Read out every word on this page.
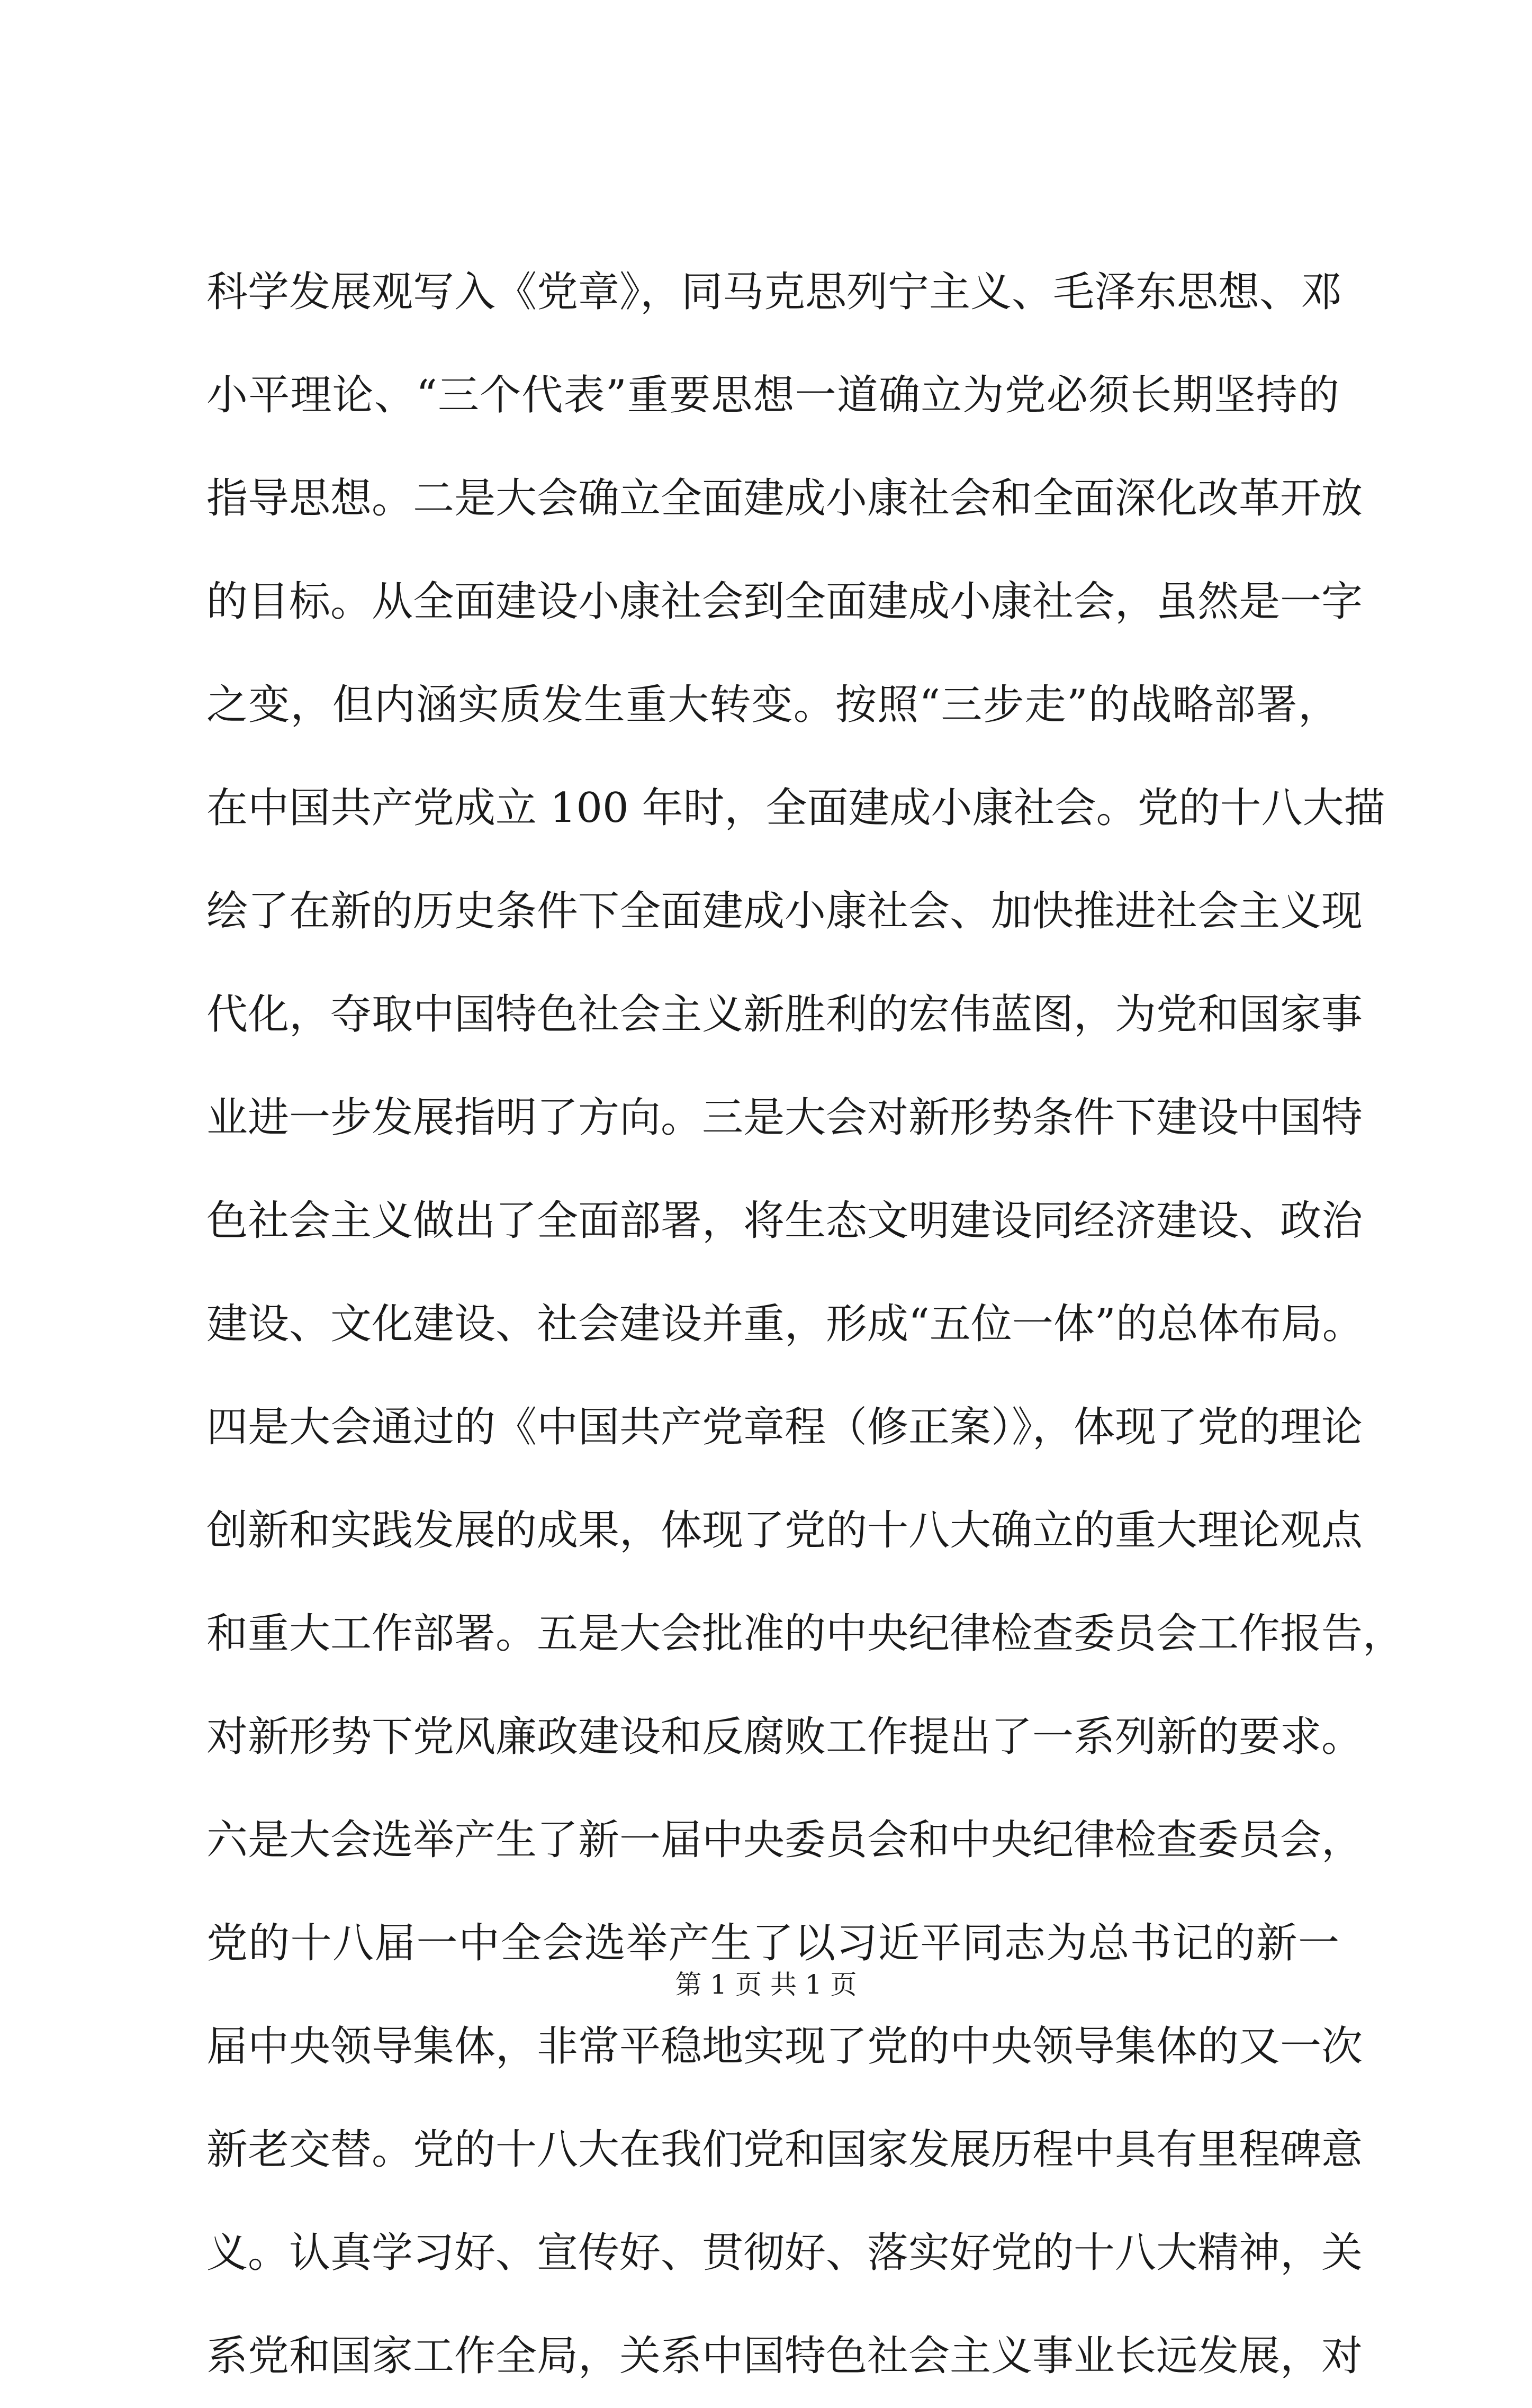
科学发展观写入《党章》，同马克思列宁主义、毛泽东思想、邓
小平理论、“三个代表”重要思想一道确立为党必须长期坚持的
指导思想。二是大会确立全面建成小康社会和全面深化改革开放
的目标。从全面建设小康社会到全面建成小康社会，虽然是一字
之变，但内涵实质发生重大转变。按照“三步走”的战略部署，
在中国共产党成立 100 年时，全面建成小康社会。党的十八大描
绘了在新的历史条件下全面建成小康社会、加快推进社会主义现
代化，夺取中国特色社会主义新胜利的宏伟蓝图，为党和国家事
业进一步发展指明了方向。三是大会对新形势条件下建设中国特
色社会主义做出了全面部署，将生态文明建设同经济建设、政治
建设、文化建设、社会建设并重，形成“五位一体”的总体布局。
四是大会通过的《中国共产党章程（修正案）》，体现了党的理论
创新和实践发展的成果，体现了党的十八大确立的重大理论观点
和重大工作部署。五是大会批准的中央纪律检查委员会工作报告，
对新形势下党风廉政建设和反腐败工作提出了一系列新的要求。
六是大会选举产生了新一届中央委员会和中央纪律检查委员会，
党的十八届一中全会选举产生了以习近平同志为总书记的新一
届中央领导集体，非常平稳地实现了党的中央领导集体的又一次
新老交替。党的十八大在我们党和国家发展历程中具有里程碑意
义。认真学习好、宣传好、贯彻好、落实好党的十八大精神，关
系党和国家工作全局，关系中国特色社会主义事业长远发展，对
第 1 页 共 1 页
